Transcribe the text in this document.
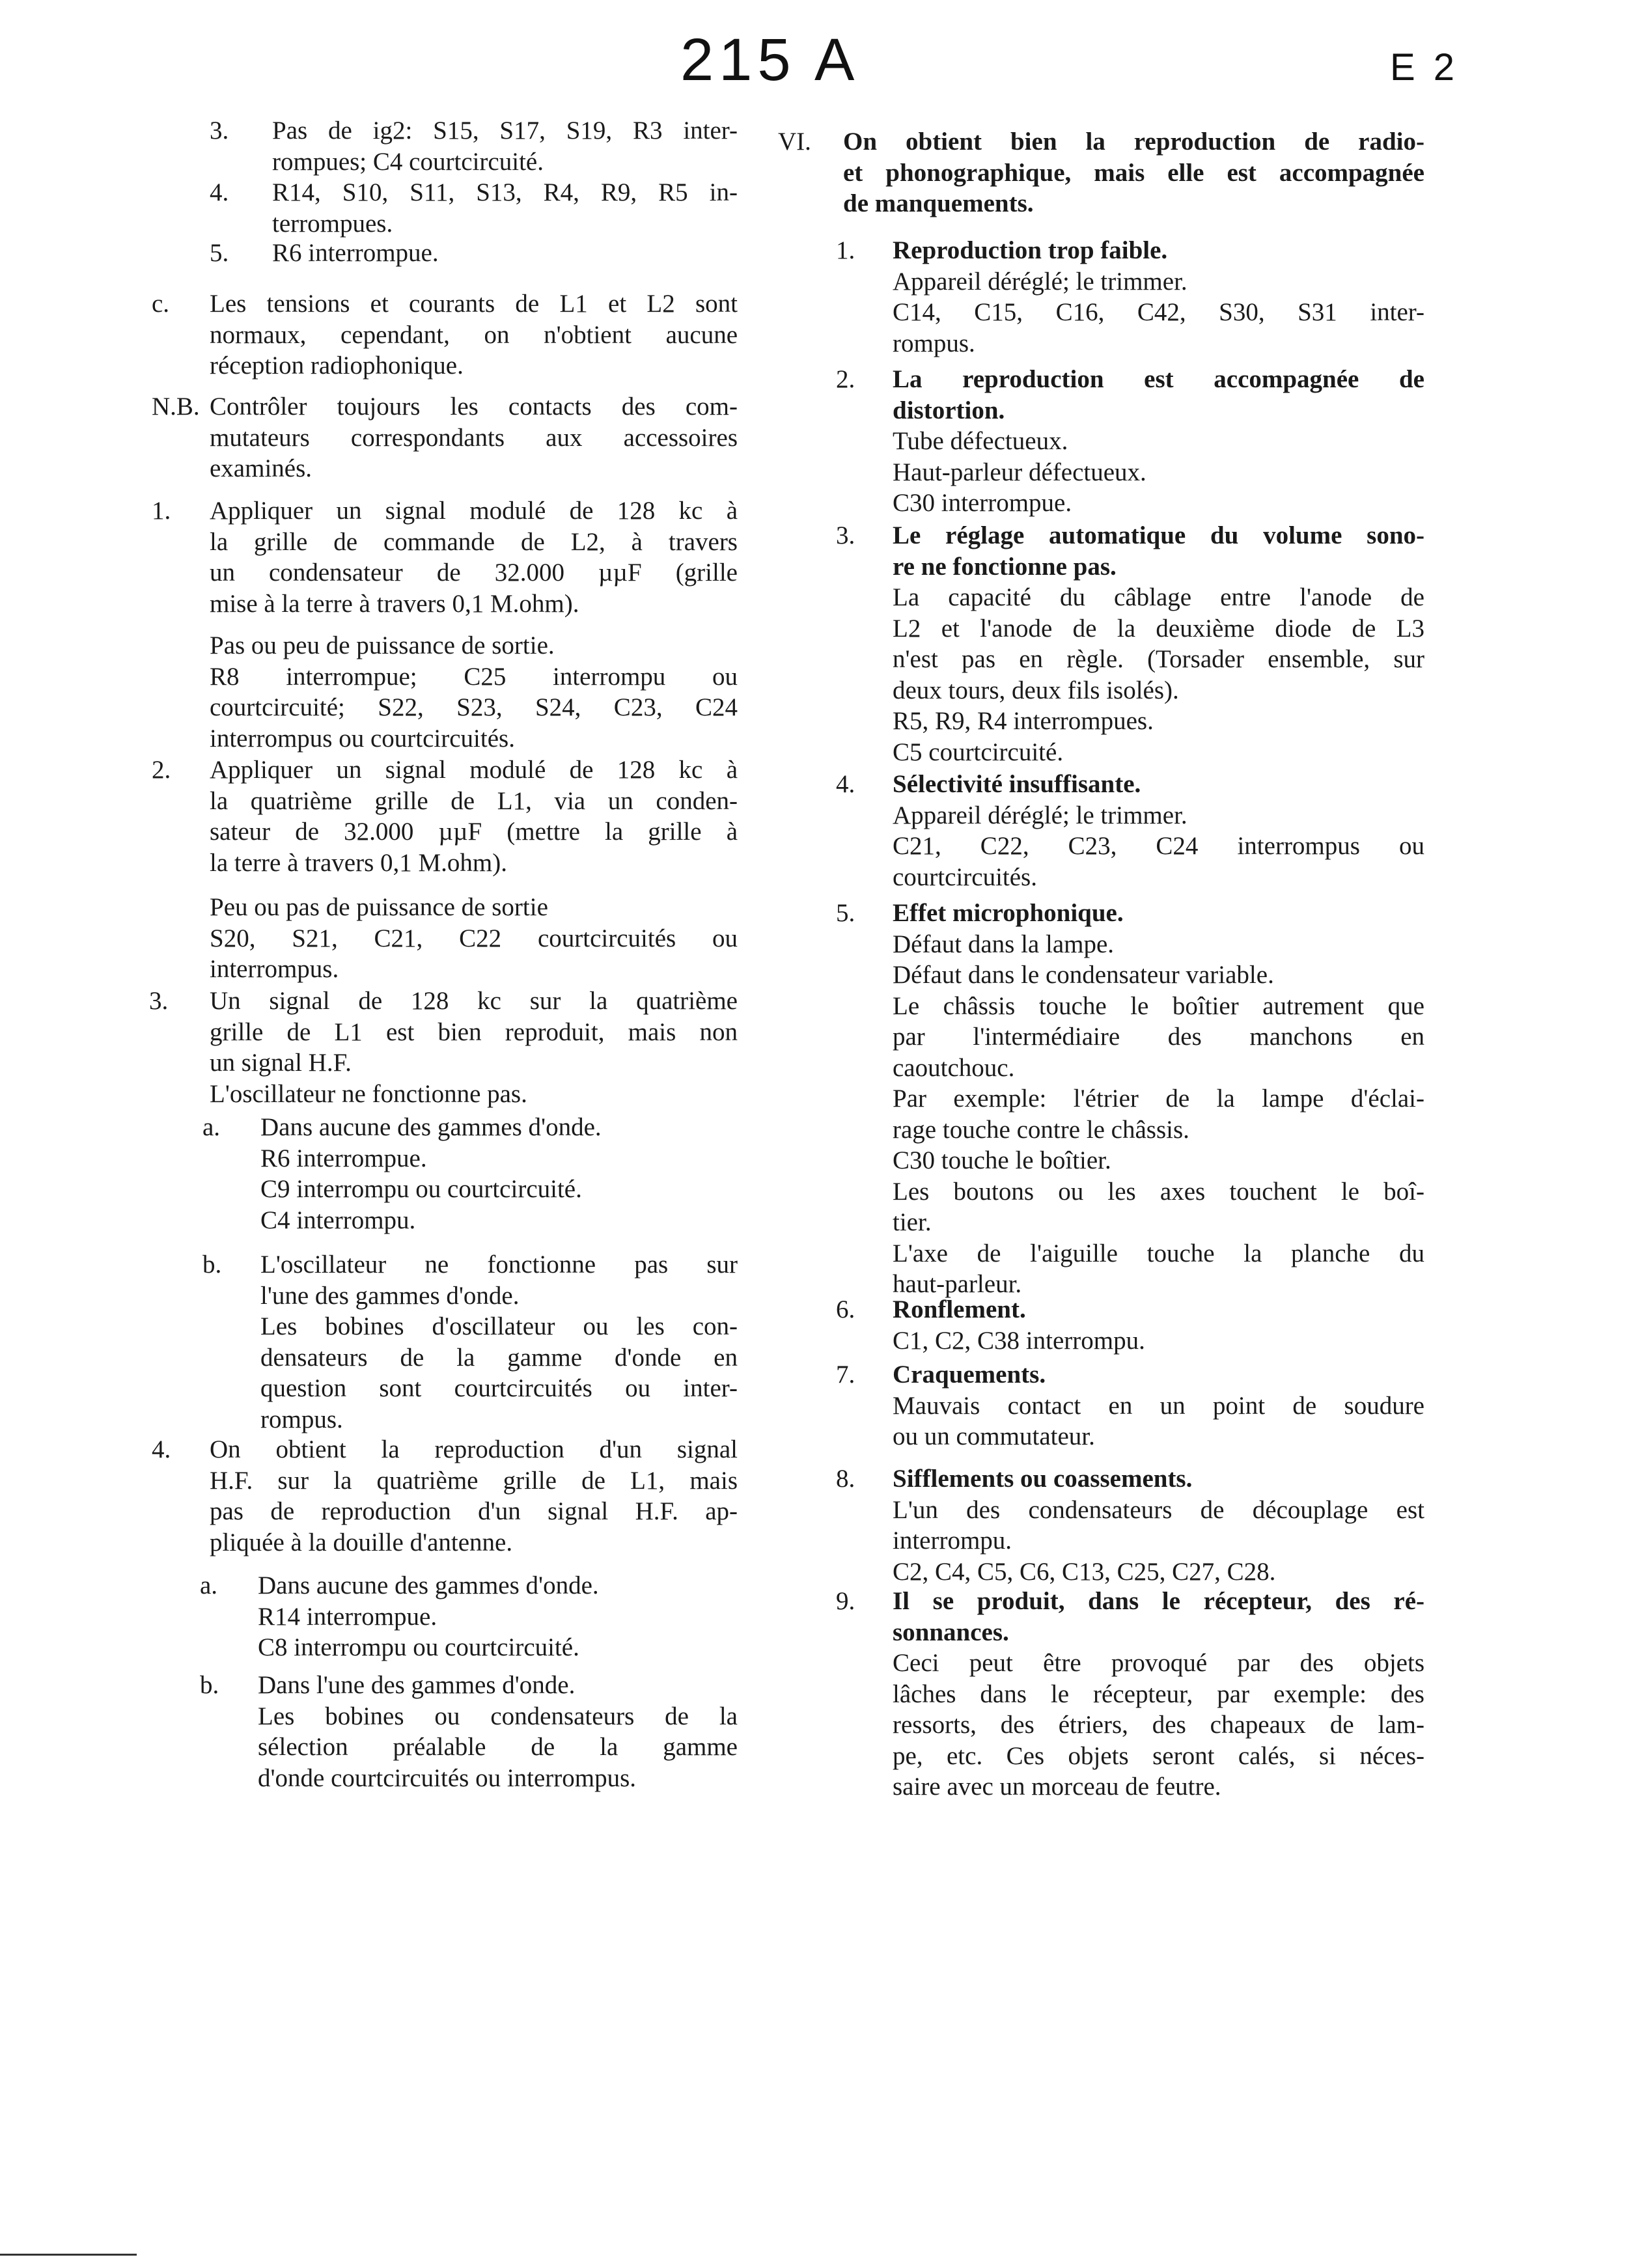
215 A	E 2
3. Pas de ig2: S15, S17, S19, R3 inter-
rompues; C4 courtcircuité.
4. R14, S10, S11, S13, R4, R9, R5 in-
terrompues.
5. R6 interrompue.
c. Les tensions et courants de L1 et L2 sont
normaux, cependant, on n'obtient aucune
réception radiophonique.
N.B. Contrôler toujours les contacts des com-
mutateurs correspondants aux accessoires
examinés.
1. Appliquer un signal modulé de 128 kc à
la grille de commande de L2, à travers
un condensateur de 32.000 µµF (grille
mise à la terre à travers 0,1 M.ohm).
Pas ou peu de puissance de sortie.
R8 interrompue; C25 interrompu ou
courtcircuité; S22, S23, S24, C23, C24
interrompus ou courtcircuités.
2. Appliquer un signal modulé de 128 kc à
la quatrième grille de L1, via un conden-
sateur de 32.000 µµF (mettre la grille à
la terre à travers 0,1 M.ohm).
Peu ou pas de puissance de sortie
S20, S21, C21, C22 courtcircuités ou
interrompus.
3. Un signal de 128 kc sur la quatrième
grille de L1 est bien reproduit, mais non
un signal H.F.
L'oscillateur ne fonctionne pas.
a. Dans aucune des gammes d'onde.
R6 interrompue.
C9 interrompu ou courtcircuité.
C4 interrompu.
b. L'oscillateur ne fonctionne pas sur
l'une des gammes d'onde.
Les bobines d'oscillateur ou les con-
densateurs de la gamme d'onde en
question sont courtcircuités ou inter-
rompus.
4. On obtient la reproduction d'un signal
H.F. sur la quatrième grille de L1, mais
pas de reproduction d'un signal H.F. ap-
pliquée à la douille d'antenne.
a. Dans aucune des gammes d'onde.
R14 interrompue.
C8 interrompu ou courtcircuité.
b. Dans l'une des gammes d'onde.
Les bobines ou condensateurs de la
sélection préalable de la gamme
d'onde courtcircuités ou interrompus.
VI. On obtient bien la reproduction de radio-
et phonographique, mais elle est accompagnée
de manquements.
1. Reproduction trop faible.
Appareil déréglé; le trimmer.
C14, C15, C16, C42, S30, S31 inter-
rompus.
2. La reproduction est accompagnée de
distortion.
Tube défectueux.
Haut-parleur défectueux.
C30 interrompue.
3. Le réglage automatique du volume sono-
re ne fonctionne pas.
La capacité du câblage entre l'anode de
L2 et l'anode de la deuxième diode de L3
n'est pas en règle. (Torsader ensemble, sur
deux tours, deux fils isolés).
R5, R9, R4 interrompues.
C5 courtcircuité.
4. Sélectivité insuffisante.
Appareil déréglé; le trimmer.
C21, C22, C23, C24 interrompus ou
courtcircuités.
5. Effet microphonique.
Défaut dans la lampe.
Défaut dans le condensateur variable.
Le châssis touche le boîtier autrement que
par l'intermédiaire des manchons en
caoutchouc.
Par exemple: l'étrier de la lampe d'éclai-
rage touche contre le châssis.
C30 touche le boîtier.
Les boutons ou les axes touchent le boî-
tier.
L'axe de l'aiguille touche la planche du
haut-parleur.
6. Ronflement.
C1, C2, C38 interrompu.
7. Craquements.
Mauvais contact en un point de soudure
ou un commutateur.
8. Sifflements ou coassements.
L'un des condensateurs de découplage est
interrompu.
C2, C4, C5, C6, C13, C25, C27, C28.
9. Il se produit, dans le récepteur, des ré-
sonnances.
Ceci peut être provoqué par des objets
lâches dans le récepteur, par exemple: des
ressorts, des étriers, des chapeaux de lam-
pe, etc. Ces objets seront calés, si néces-
saire avec un morceau de feutre.
